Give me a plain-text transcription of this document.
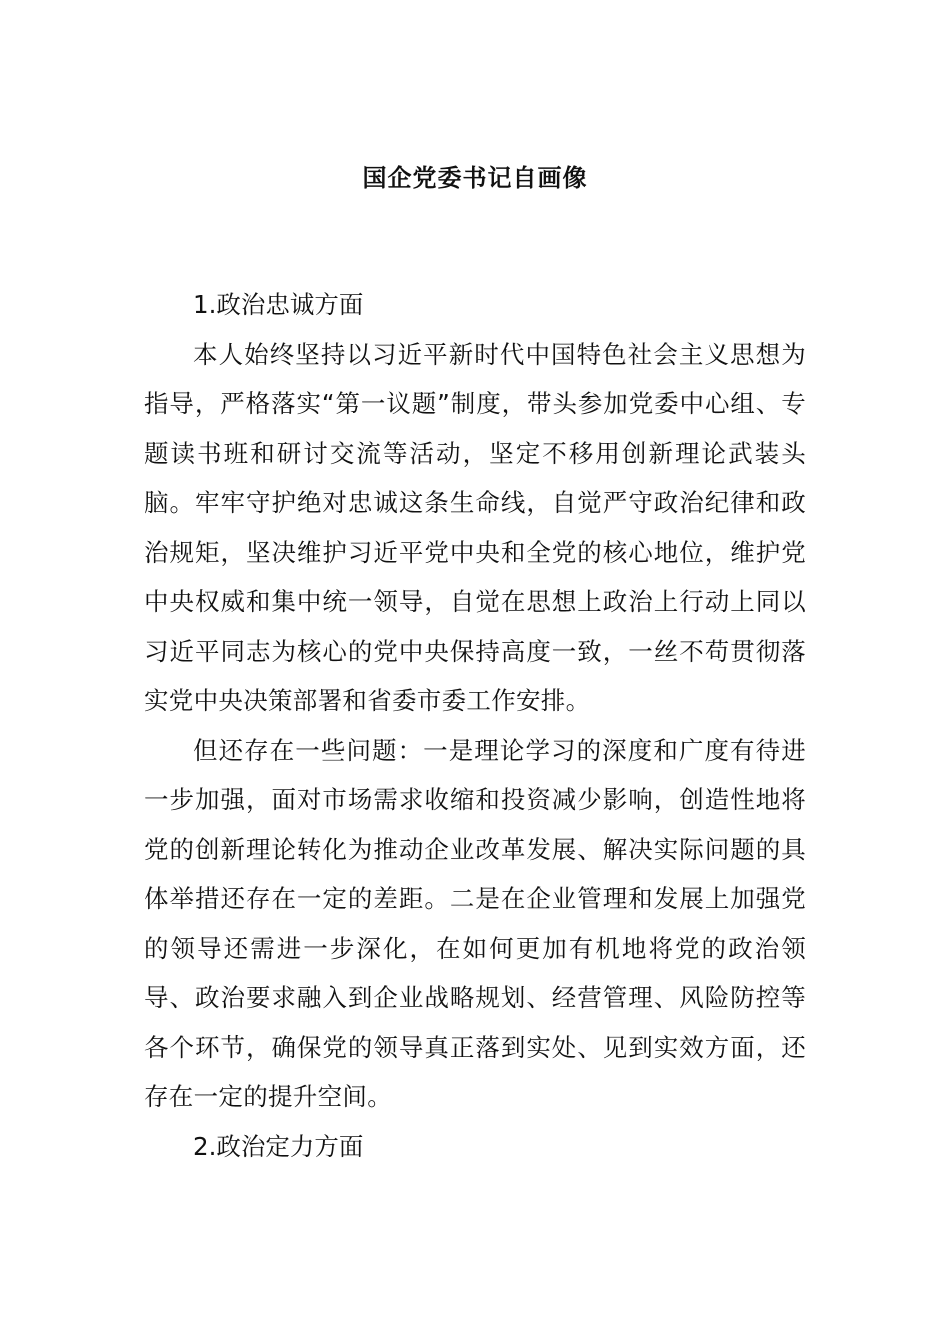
国企党委书记自画像

1.政治忠诚方面

本人始终坚持以习近平新时代中国特色社会主义思想为指导，严格落实“第一议题”制度，带头参加党委中心组、专题读书班和研讨交流等活动，坚定不移用创新理论武装头脑。牢牢守护绝对忠诚这条生命线，自觉严守政治纪律和政治规矩，坚决维护习近平党中央和全党的核心地位，维护党中央权威和集中统一领导，自觉在思想上政治上行动上同以习近平同志为核心的党中央保持高度一致，一丝不苟贯彻落实党中央决策部署和省委市委工作安排。

但还存在一些问题：一是理论学习的深度和广度有待进一步加强，面对市场需求收缩和投资减少影响，创造性地将党的创新理论转化为推动企业改革发展、解决实际问题的具体举措还存在一定的差距。二是在企业管理和发展上加强党的领导还需进一步深化，在如何更加有机地将党的政治领导、政治要求融入到企业战略规划、经营管理、风险防控等各个环节，确保党的领导真正落到实处、见到实效方面，还存在一定的提升空间。

2.政治定力方面
